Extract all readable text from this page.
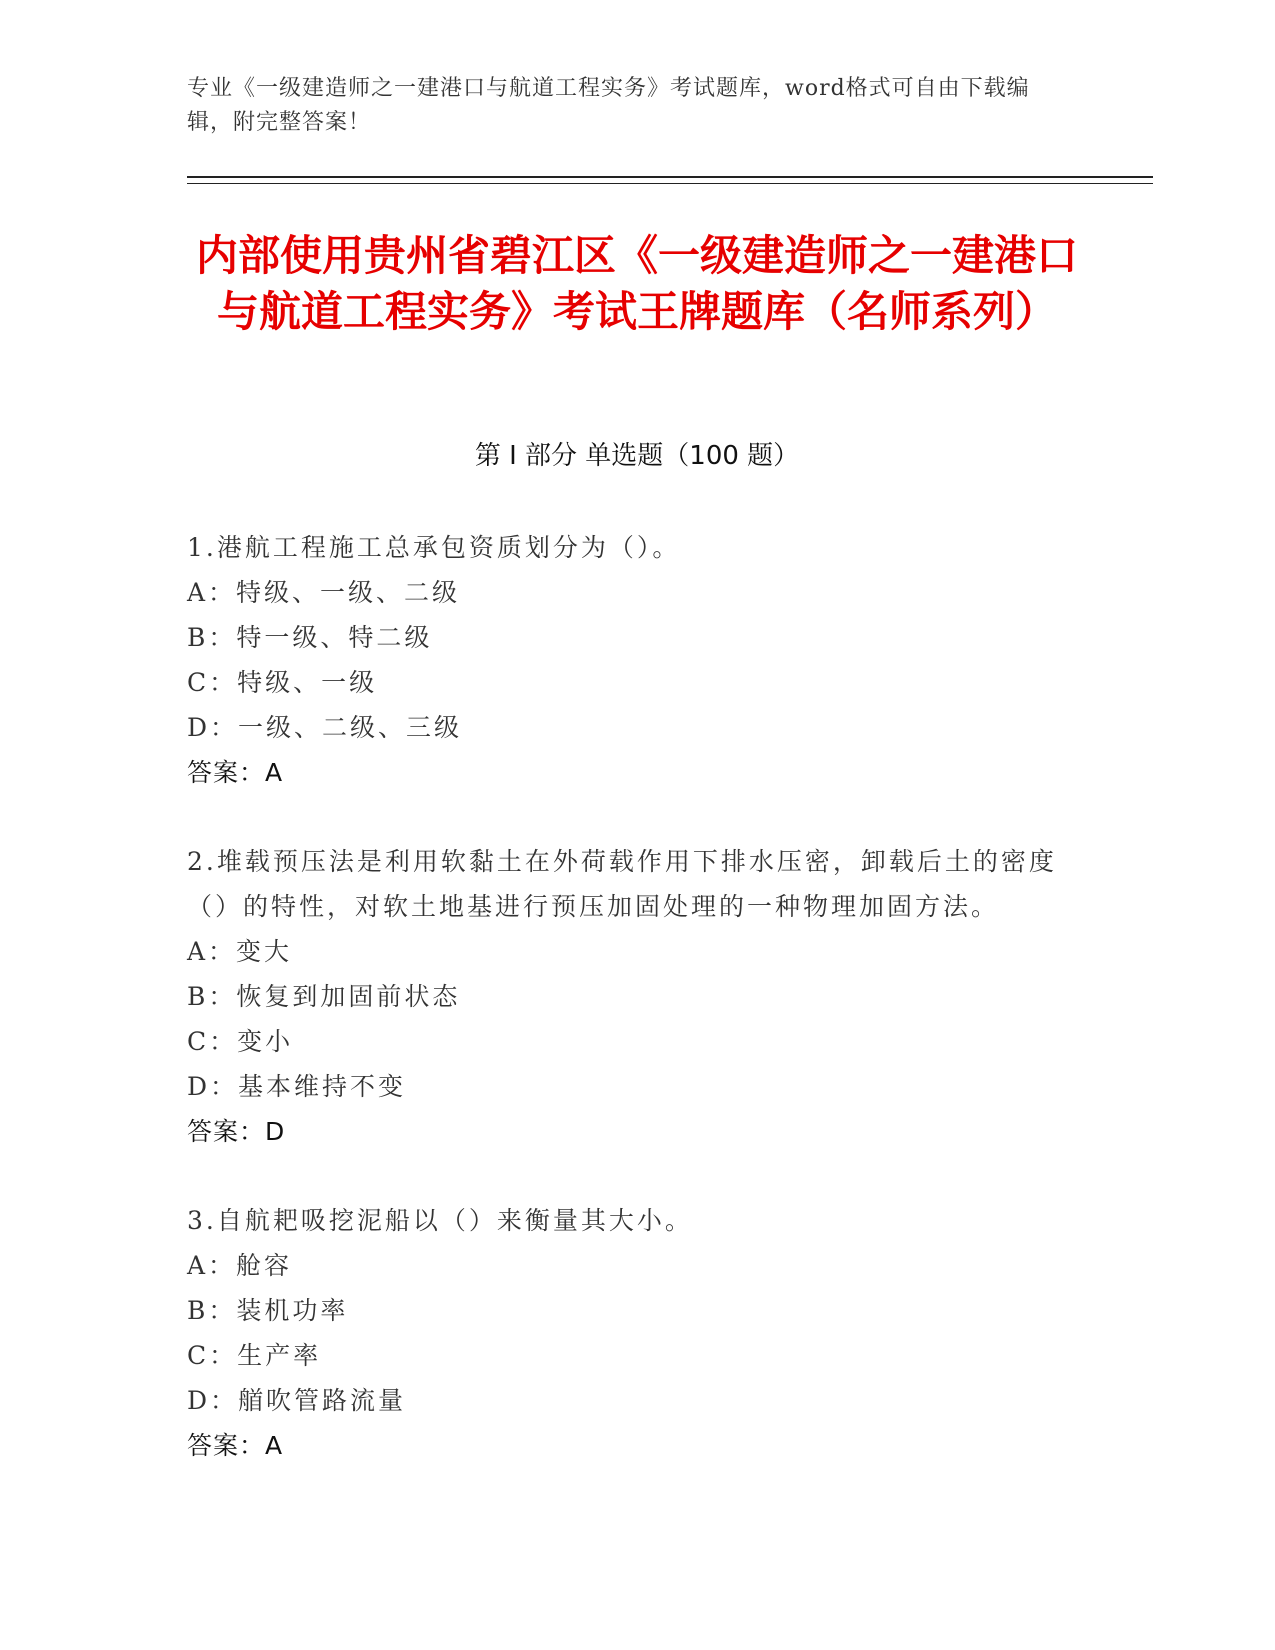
专业《一级建造师之一建港口与航道工程实务》考试题库，word格式可自由下载编辑，附完整答案！
内部使用贵州省碧江区《一级建造师之一建港口与航道工程实务》考试王牌题库（名师系列）
第 I 部分 单选题（100 题）
1.港航工程施工总承包资质划分为（）。
A：特级、一级、二级
B：特一级、特二级
C：特级、一级
D：一级、二级、三级
答案：A
2.堆载预压法是利用软黏土在外荷载作用下排水压密，卸载后土的密度（）的特性，对软土地基进行预压加固处理的一种物理加固方法。
A：变大
B：恢复到加固前状态
C：变小
D：基本维持不变
答案：D
3.自航耙吸挖泥船以（）来衡量其大小。
A：舱容
B：装机功率
C：生产率
D：艏吹管路流量
答案：A
